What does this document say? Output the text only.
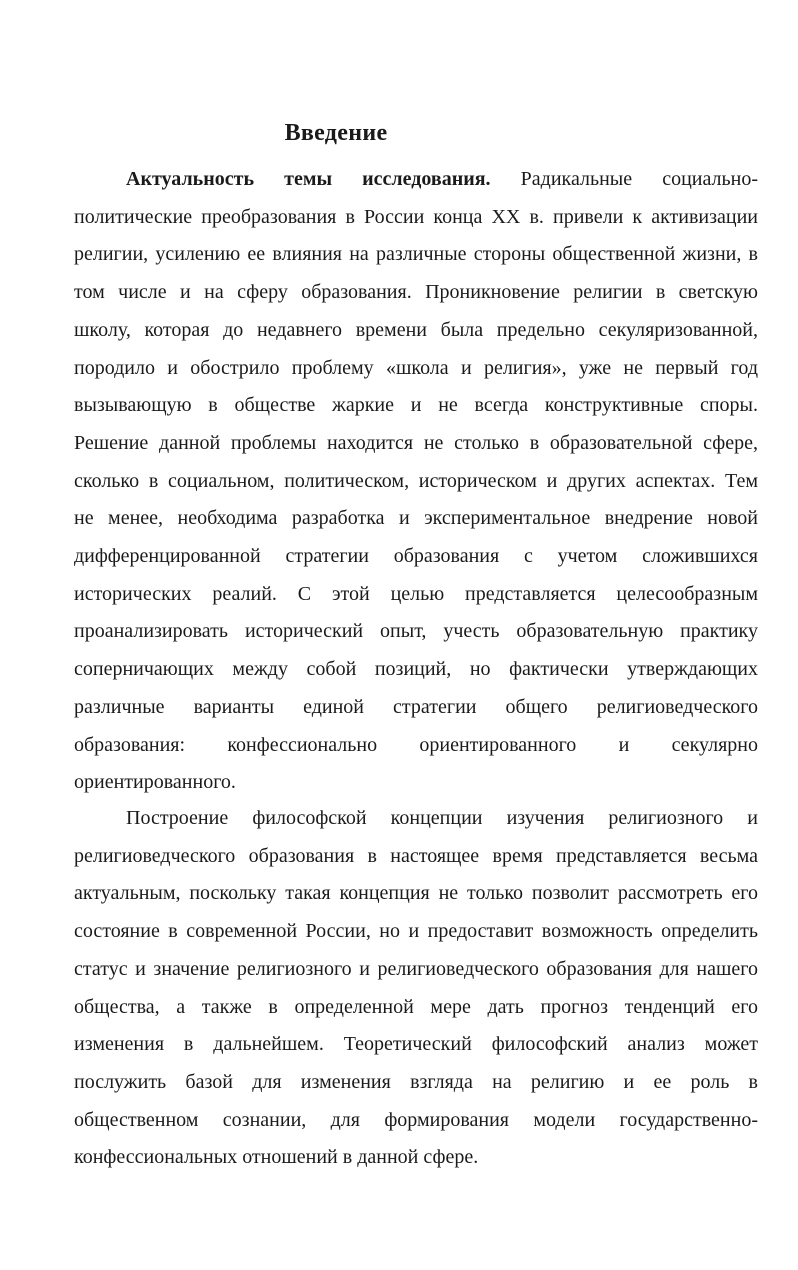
Введение
Актуальность темы исследования. Радикальные социально-
политические преобразования в России конца XX в. привели к активизации
религии, усилению ее влияния на различные стороны общественной жизни, в
том числе и на сферу образования. Проникновение религии в светскую
школу, которая до недавнего времени была предельно секуляризованной,
породило и обострило проблему «школа и религия», уже не первый год
вызывающую в обществе жаркие и не всегда конструктивные споры.
Решение данной проблемы находится не столько в образовательной сфере,
сколько в социальном, политическом, историческом и других аспектах. Тем
не менее, необходима разработка и экспериментальное внедрение новой
дифференцированной стратегии образования с учетом сложившихся
исторических реалий. С этой целью представляется целесообразным
проанализировать исторический опыт, учесть образовательную практику
соперничающих между собой позиций, но фактически утверждающих
различные варианты единой стратегии общего религиоведческого
образования: конфессионально ориентированного и секулярно
ориентированного.
Построение философской концепции изучения религиозного и
религиоведческого образования в настоящее время представляется весьма
актуальным, поскольку такая концепция не только позволит рассмотреть его
состояние в современной России, но и предоставит возможность определить
статус и значение религиозного и религиоведческого образования для нашего
общества, а также в определенной мере дать прогноз тенденций его
изменения в дальнейшем. Теоретический философский анализ может
послужить базой для изменения взгляда на религию и ее роль в
общественном сознании, для формирования модели государственно-
конфессиональных отношений в данной сфере.
